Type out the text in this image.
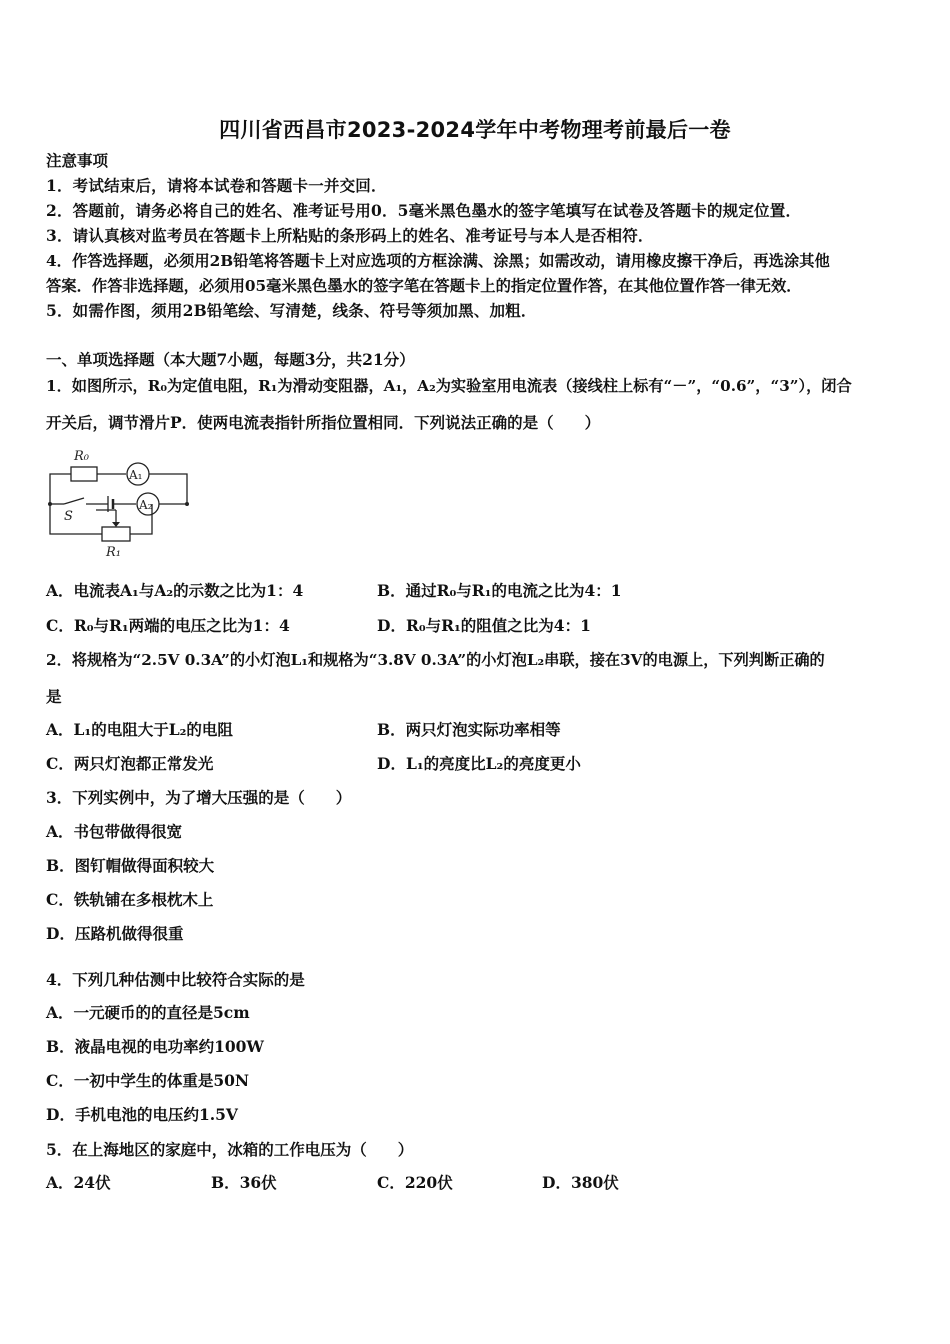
四川省西昌市2023-2024学年中考物理考前最后一卷
注意事项
1．考试结束后，请将本试卷和答题卡一并交回．
2．答题前，请务必将自己的姓名、准考证号用0．5毫米黑色墨水的签字笔填写在试卷及答题卡的规定位置．
3．请认真核对监考员在答题卡上所粘贴的条形码上的姓名、准考证号与本人是否相符．
4．作答选择题，必须用2B铅笔将答题卡上对应选项的方框涂满、涂黑；如需改动，请用橡皮擦干净后，再选涂其他
答案．作答非选择题，必须用05毫米黑色墨水的签字笔在答题卡上的指定位置作答，在其他位置作答一律无效．
5．如需作图，须用2B铅笔绘、写清楚，线条、符号等须加黑、加粗．
一、单项选择题（本大题7小题，每题3分，共21分）
1．如图所示，R₀为定值电阻，R₁为滑动变阻器，A₁，A₂为实验室用电流表（接线柱上标有“－”，“0.6”，“3”），闭合
开关后，调节滑片P．使两电流表指针所指位置相同．下列说法正确的是（　　）
R₀
A₁
A₂
S
R₁
A．电流表A₁与A₂的示数之比为1：4	B．通过R₀与R₁的电流之比为4：1
C．R₀与R₁两端的电压之比为1：4	D．R₀与R₁的阻值之比为4：1
2．将规格为“2.5V 0.3A”的小灯泡L₁和规格为“3.8V 0.3A”的小灯泡L₂串联，接在3V的电源上，下列判断正确的
是
A．L₁的电阻大于L₂的电阻	B．两只灯泡实际功率相等
C．两只灯泡都正常发光	D．L₁的亮度比L₂的亮度更小
3．下列实例中，为了增大压强的是（　　）
A．书包带做得很宽
B．图钉帽做得面积较大
C．铁轨铺在多根枕木上
D．压路机做得很重
4．下列几种估测中比较符合实际的是
A．一元硬币的的直径是5cm
B．液晶电视的电功率约100W
C．一初中学生的体重是50N
D．手机电池的电压约1.5V
5．在上海地区的家庭中，冰箱的工作电压为（　　）
A．24伏	B．36伏	C．220伏	D．380伏
